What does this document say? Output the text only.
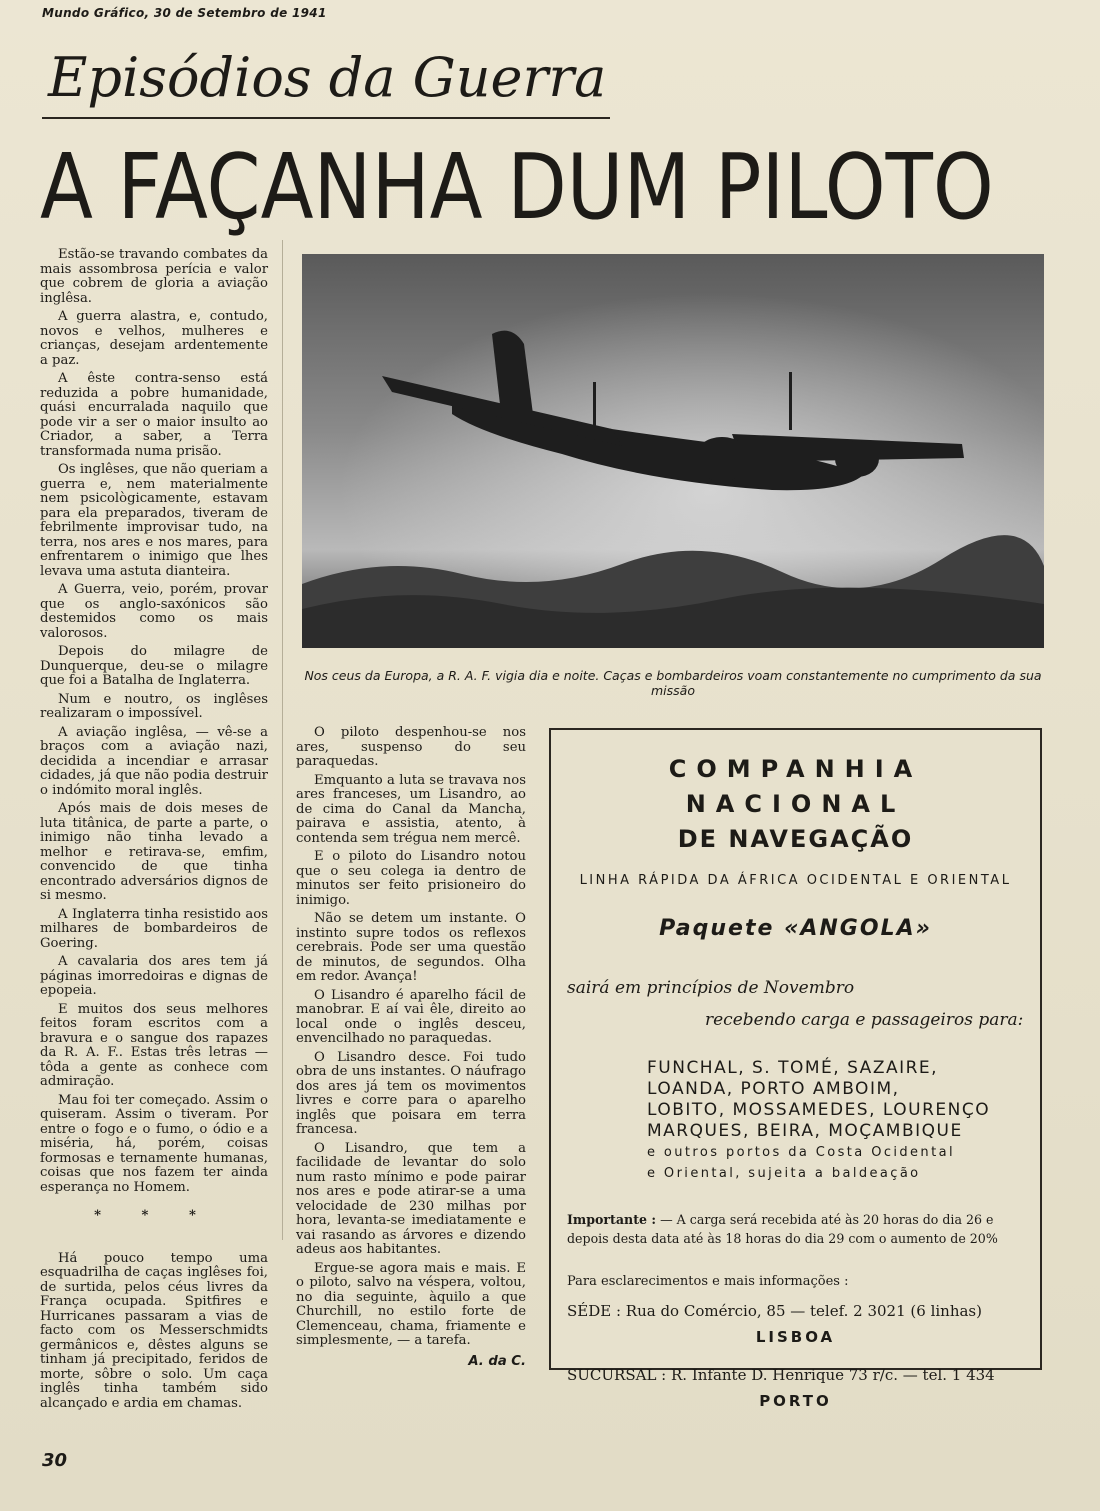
Mundo Gráfico, 30 de Setembro de 1941
Episódios da Guerra
A FAÇANHA DUM PILOTO

Estão-se travando combates da mais assombrosa perícia e valor que cobrem de gloria a aviação inglêsa.

A guerra alastra, e, contudo, novos e velhos, mulheres e crianças, desejam ardentemente a paz.

A êste contra-senso está reduzida a pobre humanidade, quási encurralada naquilo que pode vir a ser o maior insulto ao Criador, a saber, a Terra transformada numa prisão.

Os inglêses, que não queriam a guerra e, nem materialmente nem psicològicamente, estavam para ela preparados, tiveram de febrilmente improvisar tudo, na terra, nos ares e nos mares, para enfrentarem o inimigo que lhes levava uma astuta dianteira.

A Guerra, veio, porém, provar que os anglo-saxónicos são destemidos como os mais valorosos.

Depois do milagre de Dunquerque, deu-se o milagre que foi a Batalha de Inglaterra.

Num e noutro, os inglêses realizaram o impossível.

A aviação inglêsa, — vê-se a braços com a aviação nazi, decidida a incendiar e arrasar cidades, já que não podia destruir o indómito moral inglês.

Após mais de dois meses de luta titânica, de parte a parte, o inimigo não tinha levado a melhor e retirava-se, emfim, convencido de que tinha encontrado adversários dignos de si mesmo.

A Inglaterra tinha resistido aos milhares de bombardeiros de Goering.

A cavalaria dos ares tem já páginas imorredoiras e dignas de epopeia.

E muitos dos seus melhores feitos foram escritos com a bravura e o sangue dos rapazes da R. A. F.. Estas três letras — tôda a gente as conhece com admiração.

Mau foi ter começado. Assim o quiseram. Assim o tiveram. Por entre o fogo e o fumo, o ódio e a miséria, há, porém, coisas formosas e ternamente humanas, coisas que nos fazem ter ainda esperança no Homem.

* * *

Há pouco tempo uma esquadrilha de caças inglêses foi, de surtida, pelos céus livres da França ocupada. Spitfires e Hurricanes passaram a vias de facto com os Messerschmidts germânicos e, dêstes alguns se tinham já precipitado, feridos de morte, sôbre o solo. Um caça inglês tinha também sido alcançado e ardia em chamas.

Nos ceus da Europa, a R. A. F. vigia dia e noite. Caças e bombardeiros voam constantemente no cumprimento da sua missão

O piloto despenhou-se nos ares, suspenso do seu paraquedas.

Emquanto a luta se travava nos ares franceses, um Lisandro, ao de cima do Canal da Mancha, pairava e assistia, atento, à contenda sem trégua nem mercê.

E o piloto do Lisandro notou que o seu colega ia dentro de minutos ser feito prisioneiro do inimigo.

Não se detem um instante. O instinto supre todos os reflexos cerebrais. Pode ser uma questão de minutos, de segundos. Olha em redor. Avança!

O Lisandro é aparelho fácil de manobrar. E aí vai êle, direito ao local onde o inglês desceu, envencilhado no paraquedas.

O Lisandro desce. Foi tudo obra de uns instantes. O náufrago dos ares já tem os movimentos livres e corre para o aparelho inglês que poisara em terra francesa.

O Lisandro, que tem a facilidade de levantar do solo num rasto mínimo e pode pairar nos ares e pode atirar-se a uma velocidade de 230 milhas por hora, levanta-se imediatamente e vai rasando as árvores e dizendo adeus aos habitantes.

Ergue-se agora mais e mais. E o piloto, salvo na véspera, voltou, no dia seguinte, àquilo a que Churchill, no estilo forte de Clemenceau, chama, friamente e simplesmente, — a tarefa.

A. da C.
COMPANHIA
NACIONAL
DE NAVEGAÇÃO
LINHA RÁPIDA DA ÁFRICA OCIDENTAL E ORIENTAL
Paquete «ANGOLA»
sairá em princípios de Novembro
recebendo carga e passageiros para:
FUNCHAL, S. TOMÉ, SAZAIRE,
LOANDA, PORTO AMBOIM,
LOBITO, MOSSAMEDES, LOURENÇO
MARQUES, BEIRA, MOÇAMBIQUE
e outros portos da Costa Ocidental
e Oriental, sujeita a baldeação
Importante : — A carga será recebida até às 20 horas do dia 26 e depois desta data até às 18 horas do dia 29 com o aumento de 20%
Para esclarecimentos e mais informações :
SÉDE : Rua do Comércio, 85 — telef. 2 3021 (6 linhas)
LISBOA
SUCURSAL : R. Infante D. Henrique 73 r/c. — tel. 1 434
PORTO
30
